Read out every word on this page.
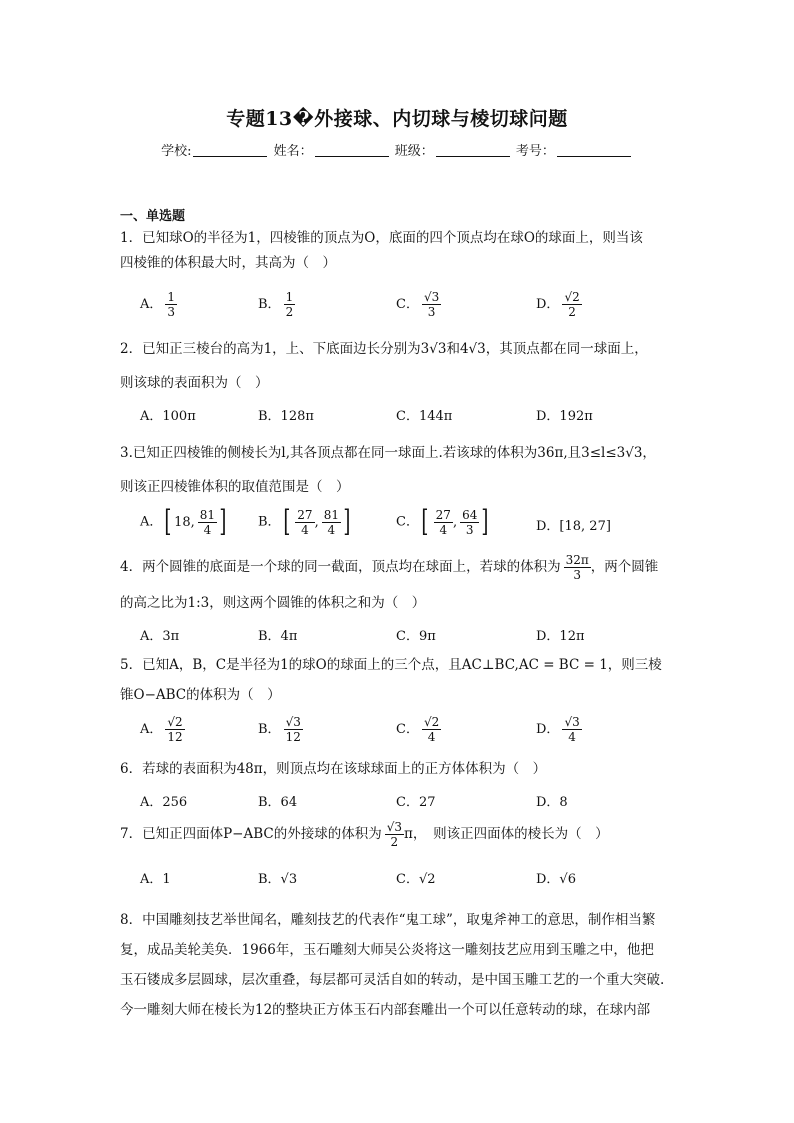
专题13�外接球、内切球与棱切球问题
学校:	姓名：	班级：	考号：
一、单选题
1．已知球O的半径为1，四棱锥的顶点为O，底面的四个顶点均在球O的球面上，则当该
四棱锥的体积最大时，其高为（　）
A． $\frac{1}{3}$	B． $\frac{1}{2}$	C． $\frac{√3}{3}$	D． $\frac{√2}{2}$
2．已知正三棱台的高为1，上、下底面边长分别为3√3和4√3，其顶点都在同一球面上，
则该球的表面积为（　）
A．100π	B．128π	C．144π	D．192π
3.已知正四棱锥的侧棱长为l,其各顶点都在同一球面上.若该球的体积为36π,且3≤l≤3√3，
则该正四棱锥体积的取值范围是（　）
A． [ 18, $\frac{81}{4}$ ] B． [ $\frac{27}{4}$ , $\frac{81}{4}$ ]	C． [ $\frac{27}{4}$ , $\frac{64}{3}$ ]	D．[18, 27]
4．两个圆锥的底面是一个球的同一截面，顶点均在球面上，若球的体积为 $\frac{32\pi}{3}$ ，两个圆锥
的高之比为1:3，则这两个圆锥的体积之和为（　）
A．3π	B．4π	C．9π	D．12π
5．已知A，B，C是半径为1的球O的球面上的三个点，且AC⊥BC,AC = BC = 1，则三棱
锥O−ABC的体积为（　）
A． $\frac{√2}{12}$	B． $\frac{√3}{12}$	C． $\frac{√2}{4}$	D． $\frac{√3}{4}$
6．若球的表面积为48π，则顶点均在该球球面上的正方体体积为（　）
A．256	B．64	C．27	D．8
7．已知正四面体P−ABC的外接球的体积为 $\frac{√3}{2}$ π，　则该正四面体的棱长为（　）
A．1	B．√3	C．√2	D．√6
8．中国雕刻技艺举世闻名，雕刻技艺的代表作“鬼工球”，取鬼斧神工的意思，制作相当繁
复，成品美轮美奂．1966年，玉石雕刻大师吴公炎将这一雕刻技艺应用到玉雕之中，他把
玉石镂成多层圆球，层次重叠，每层都可灵活自如的转动，是中国玉雕工艺的一个重大突破.
今一雕刻大师在棱长为12的整块正方体玉石内部套雕出一个可以任意转动的球，在球内部
